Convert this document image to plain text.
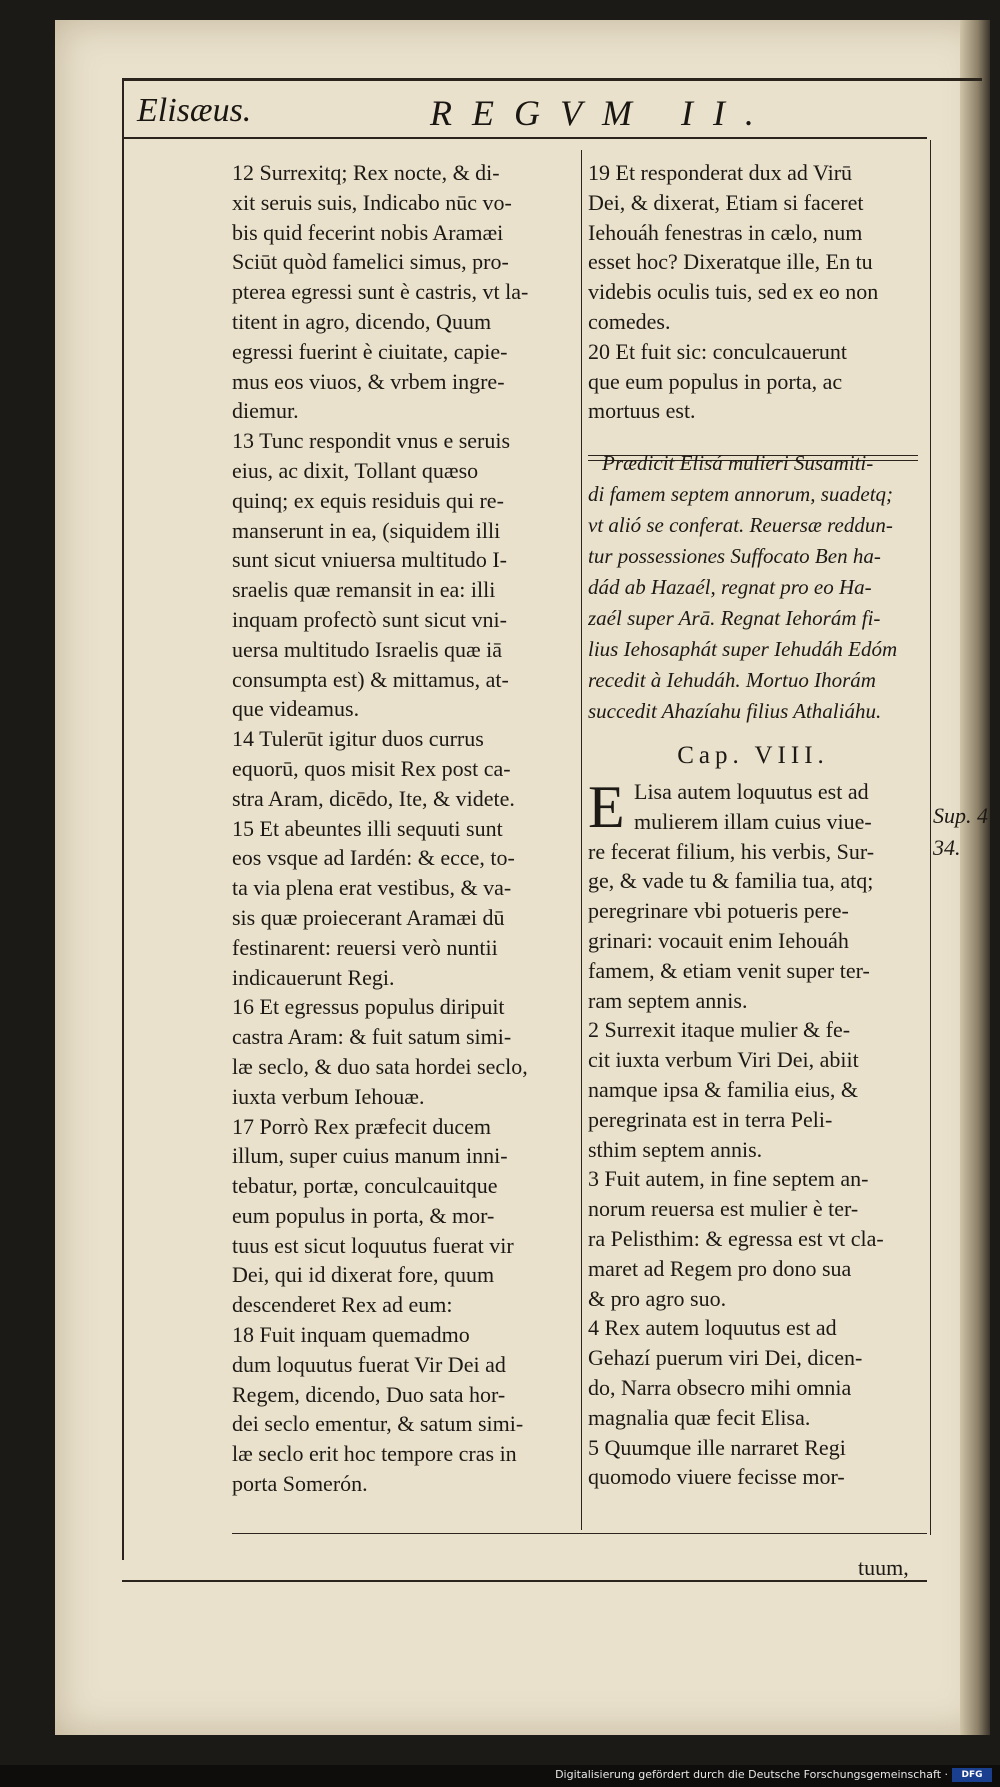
Elisæus.	REGVM II.

12 Surrexitq; Rex nocte, & di-

xit seruis suis, Indicabo nūc vo-

bis quid fecerint nobis Aramæi

Sciūt quòd famelici simus, pro-

pterea egressi sunt è castris, vt la-

titent in agro, dicendo, Quum

egressi fuerint è ciuitate, capie-

mus eos viuos, & vrbem ingre-

diemur.

13 Tunc respondit vnus e seruis

eius, ac dixit, Tollant quæso

quinq; ex equis residuis qui re-

manserunt in ea, (siquidem illi

sunt sicut vniuersa multitudo I-

sraelis quæ remansit in ea: illi

inquam profectò sunt sicut vni-

uersa multitudo Israelis quæ iā

consumpta est) & mittamus, at-

que videamus.

14 Tulerūt igitur duos currus

equorū, quos misit Rex post ca-

stra Aram, dicēdo, Ite, & videte.

15 Et abeuntes illi sequuti sunt

eos vsque ad Iardén: & ecce, to-

ta via plena erat vestibus, & va-

sis quæ proiecerant Aramæi dū

festinarent: reuersi verò nuntii

indicauerunt Regi.

16 Et egressus populus diripuit

castra Aram: & fuit satum simi-

læ seclo, & duo sata hordei seclo,

iuxta verbum Iehouæ.

17 Porrò Rex præfecit ducem

illum, super cuius manum inni-

tebatur, portæ, conculcauitque

eum populus in porta, & mor-

tuus est sicut loquutus fuerat vir

Dei, qui id dixerat fore, quum

descenderet Rex ad eum:

18 Fuit inquam quemadmo

dum loquutus fuerat Vir Dei ad

Regem, dicendo, Duo sata hor-

dei seclo ementur, & satum simi-

læ seclo erit hoc tempore cras in

porta Somerón.

19 Et responderat dux ad Virū

Dei, & dixerat, Etiam si faceret

Iehouáh fenestras in cælo, num

esset hoc? Dixeratque ille, En tu

videbis oculis tuis, sed ex eo non

comedes.

20 Et fuit sic: conculcauerunt

que eum populus in porta, ac

mortuus est.

Prædicit Elisá mulieri Susamiti-

di famem septem annorum, suadetq;

vt alió se conferat. Reuersæ reddun-

tur possessiones Suffocato Ben ha-

dád ab Hazaél, regnat pro eo Ha-

zaél super Arā. Regnat Iehorám fi-

lius Iehosaphát super Iehudáh Edóm

recedit à Iehudáh. Mortuo Ihorám

succedit Ahazíahu filius Athaliáhu.

Cap. VIII.
E Lisa autem loquutus est ad

mulierem illam cuius viue-

re fecerat filium, his verbis, Sur-

ge, & vade tu & familia tua, atq;

peregrinare vbi potueris pere-

grinari: vocauit enim Iehouáh

famem, & etiam venit super ter-

ram septem annis.

2 Surrexit itaque mulier & fe-

cit iuxta verbum Viri Dei, abiit

namque ipsa & familia eius, &

peregrinata est in terra Peli-

sthim septem annis.

3 Fuit autem, in fine septem an-

norum reuersa est mulier è ter-

ra Pelisthim: & egressa est vt cla-

maret ad Regem pro dono sua

& pro agro suo.

4 Rex autem loquutus est ad

Gehazí puerum viri Dei, dicen-

do, Narra obsecro mihi omnia

magnalia quæ fecit Elisa.

5 Quumque ille narraret Regi

quomodo viuere fecisse mor-

Sup. 4
34.
tuum,
Digitalisierung gefördert durch die Deutsche Forschungsgemeinschaft ·	DFG
